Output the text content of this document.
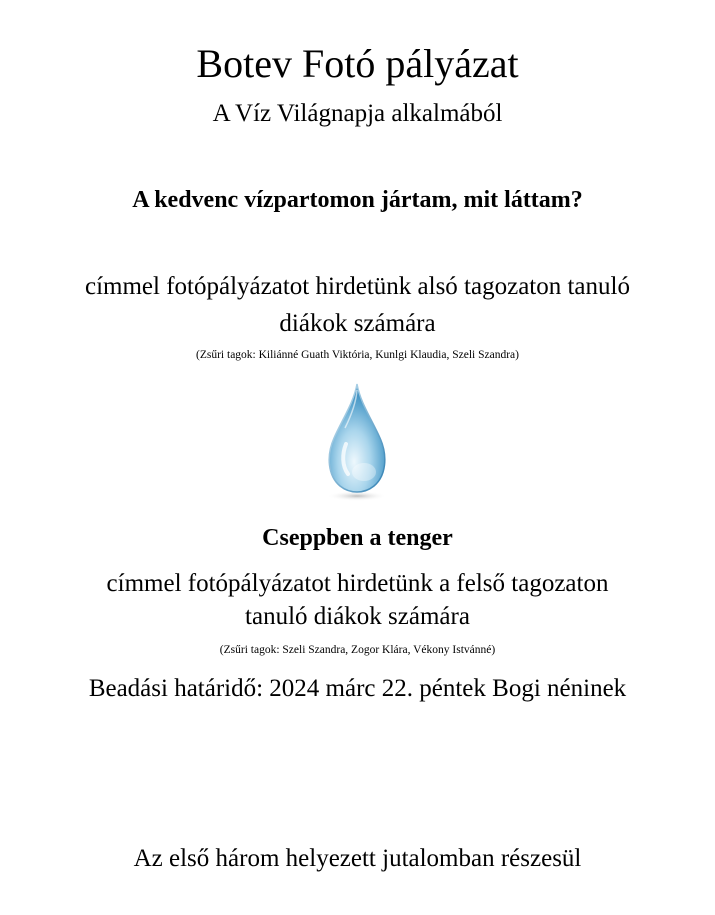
Botev Fotó pályázat
A Víz Világnapja alkalmából
A kedvenc vízpartomon jártam, mit láttam?
címmel fotópályázatot hirdetünk alsó tagozaton tanuló
diákok számára
(Zsűri tagok: Kiliánné Guath Viktória, Kunlgi Klaudia, Szeli Szandra)
Cseppben a tenger
címmel fotópályázatot hirdetünk a felső tagozaton
tanuló diákok számára
(Zsűri tagok: Szeli Szandra, Zogor Klára, Vékony Istvánné)
Beadási határidő: 2024 márc 22. péntek Bogi néninek
Az első három helyezett jutalomban részesül
